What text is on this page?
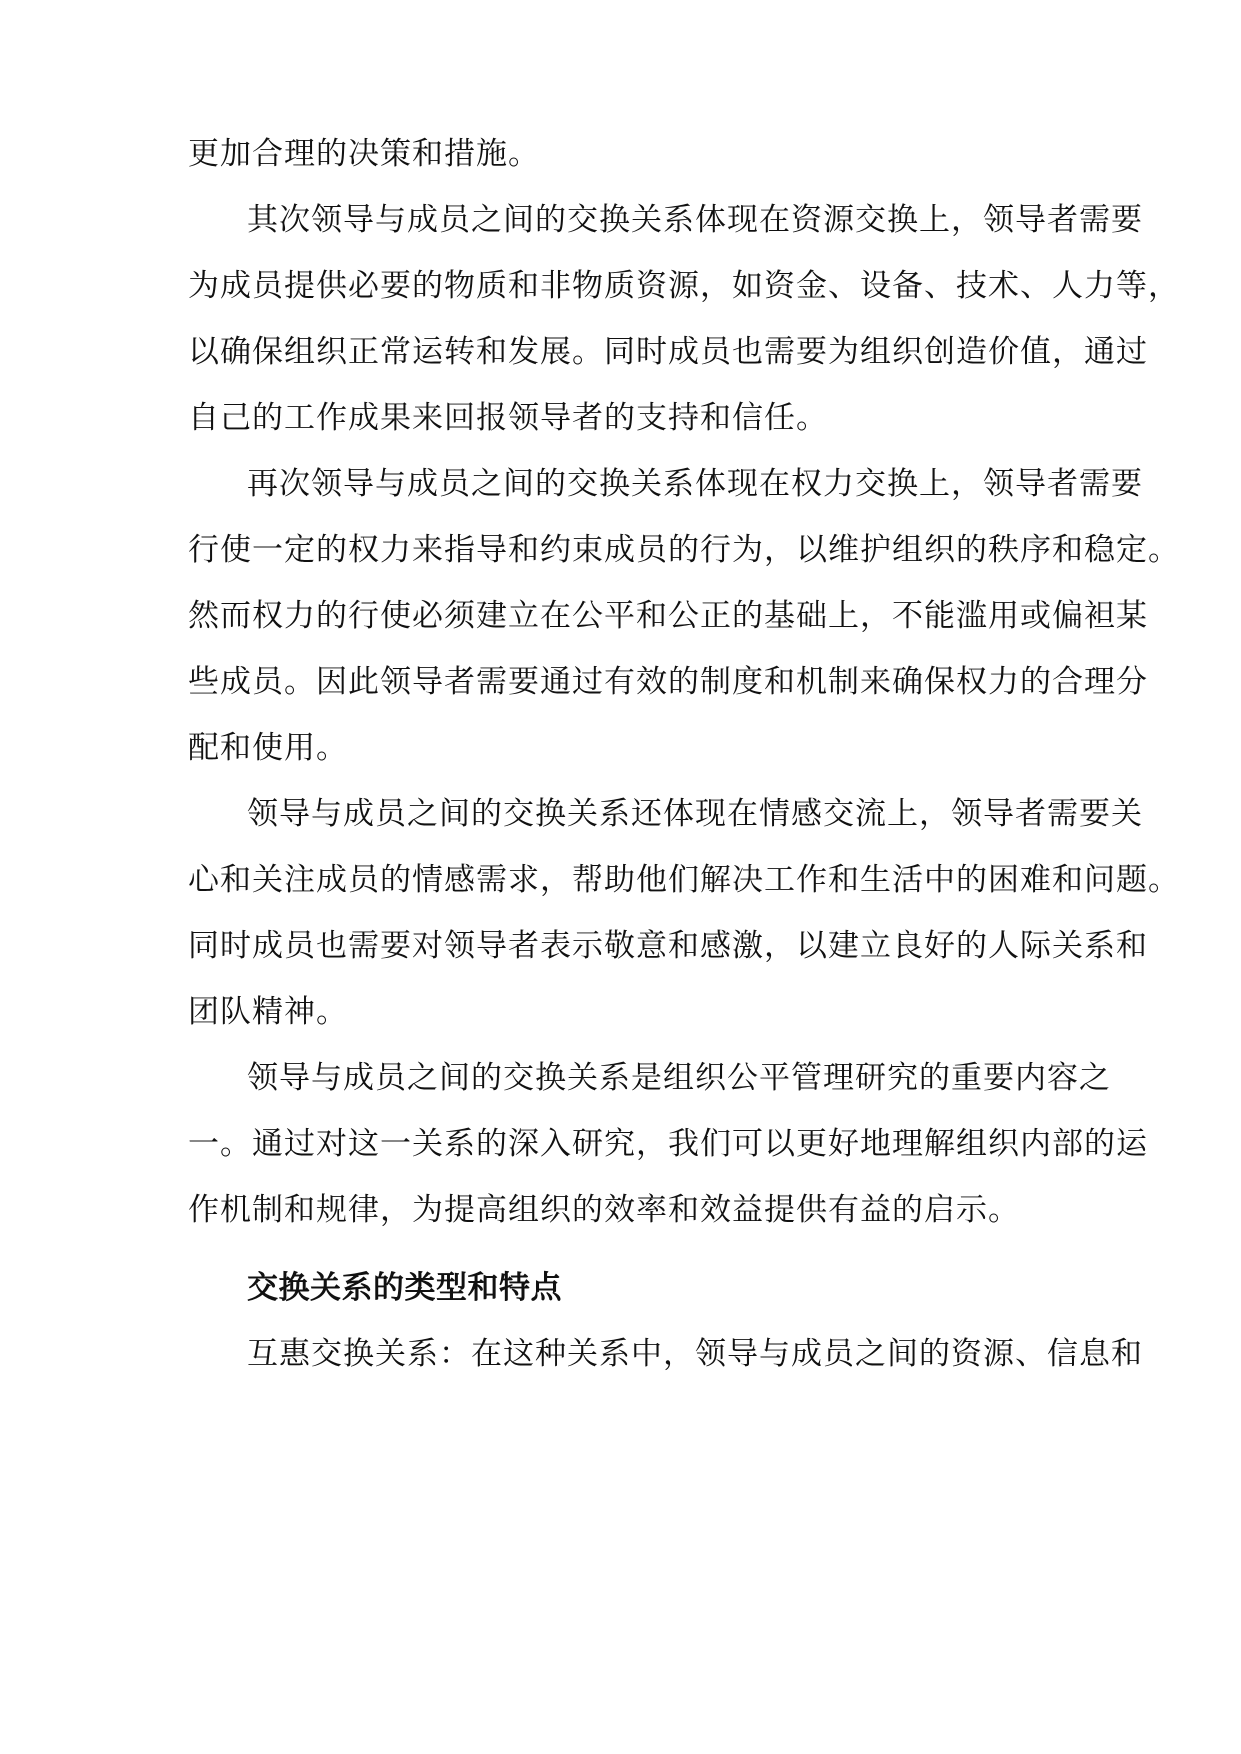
更加合理的决策和措施。
其次领导与成员之间的交换关系体现在资源交换上，领导者需要
为成员提供必要的物质和非物质资源，如资金、设备、技术、人力等，
以确保组织正常运转和发展。同时成员也需要为组织创造价值，通过
自己的工作成果来回报领导者的支持和信任。
再次领导与成员之间的交换关系体现在权力交换上，领导者需要
行使一定的权力来指导和约束成员的行为，以维护组织的秩序和稳定。
然而权力的行使必须建立在公平和公正的基础上，不能滥用或偏袒某
些成员。因此领导者需要通过有效的制度和机制来确保权力的合理分
配和使用。
领导与成员之间的交换关系还体现在情感交流上，领导者需要关
心和关注成员的情感需求，帮助他们解决工作和生活中的困难和问题。
同时成员也需要对领导者表示敬意和感激，以建立良好的人际关系和
团队精神。
领导与成员之间的交换关系是组织公平管理研究的重要内容之
一。通过对这一关系的深入研究，我们可以更好地理解组织内部的运
作机制和规律，为提高组织的效率和效益提供有益的启示。
交换关系的类型和特点
互惠交换关系：在这种关系中，领导与成员之间的资源、信息和
